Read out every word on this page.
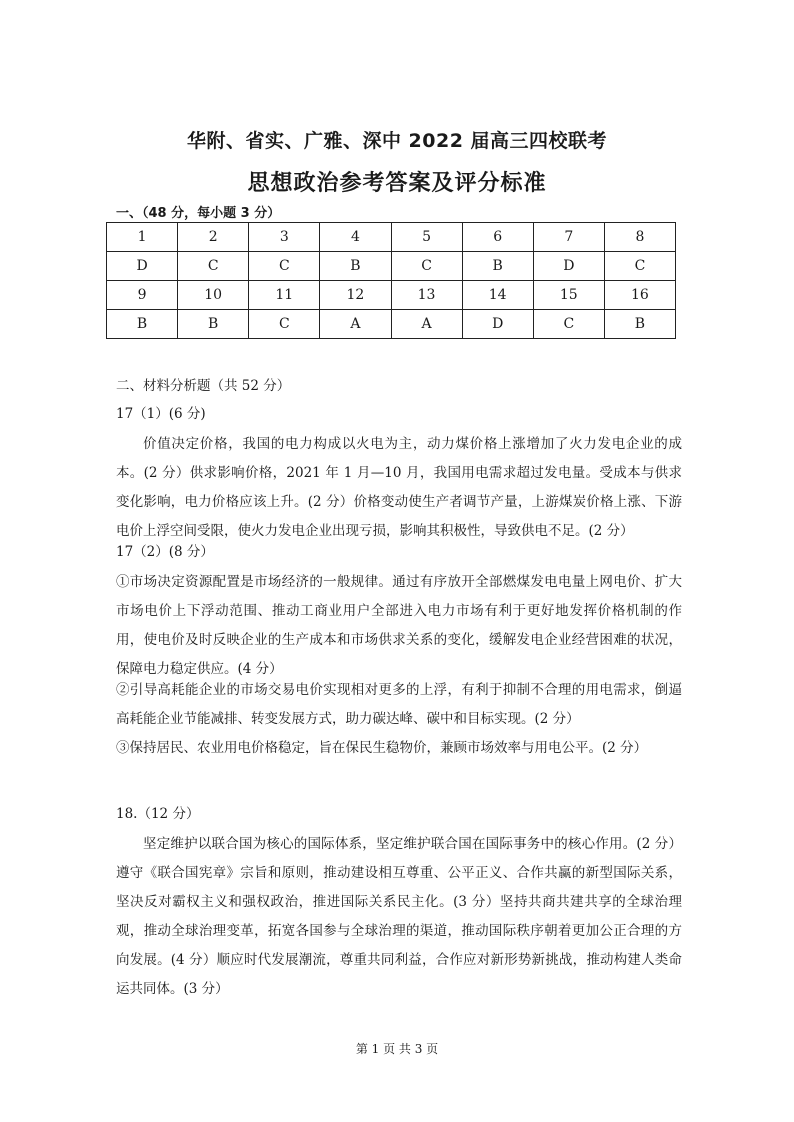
华附、省实、广雅、深中 2022 届高三四校联考
思想政治参考答案及评分标准
一、（48 分，每小题 3 分）
1	2	3	4	5	6	7	8
D	C	C	B	C	B	D	C
9	10	11	12	13	14	15	16
B	B	C	A	A	D	C	B
二、材料分析题（共 52 分）
17（1）(6 分)
价值决定价格，我国的电力构成以火电为主，动力煤价格上涨增加了火力发电企业的成本。(2 分）供求影响价格，2021 年 1 月—10 月，我国用电需求超过发电量。受成本与供求变化影响，电力价格应该上升。(2 分）价格变动使生产者调节产量，上游煤炭价格上涨、下游电价上浮空间受限，使火力发电企业出现亏损，影响其积极性，导致供电不足。(2 分）
17（2）(8 分）
①市场决定资源配置是市场经济的一般规律。通过有序放开全部燃煤发电电量上网电价、扩大市场电价上下浮动范围、推动工商业用户全部进入电力市场有利于更好地发挥价格机制的作用，使电价及时反映企业的生产成本和市场供求关系的变化，缓解发电企业经营困难的状况，保障电力稳定供应。(4 分）
②引导高耗能企业的市场交易电价实现相对更多的上浮，有利于抑制不合理的用电需求，倒逼高耗能企业节能减排、转变发展方式，助力碳达峰、碳中和目标实现。(2 分）
③保持居民、农业用电价格稳定，旨在保民生稳物价，兼顾市场效率与用电公平。(2 分）
18.（12 分）
坚定维护以联合国为核心的国际体系，坚定维护联合国在国际事务中的核心作用。(2 分）遵守《联合国宪章》宗旨和原则，推动建设相互尊重、公平正义、合作共赢的新型国际关系，坚决反对霸权主义和强权政治，推进国际关系民主化。(3 分）坚持共商共建共享的全球治理观，推动全球治理变革，拓宽各国参与全球治理的渠道，推动国际秩序朝着更加公正合理的方向发展。(4 分）顺应时代发展潮流，尊重共同利益，合作应对新形势新挑战，推动构建人类命运共同体。(3 分）
第 1 页 共 3 页
